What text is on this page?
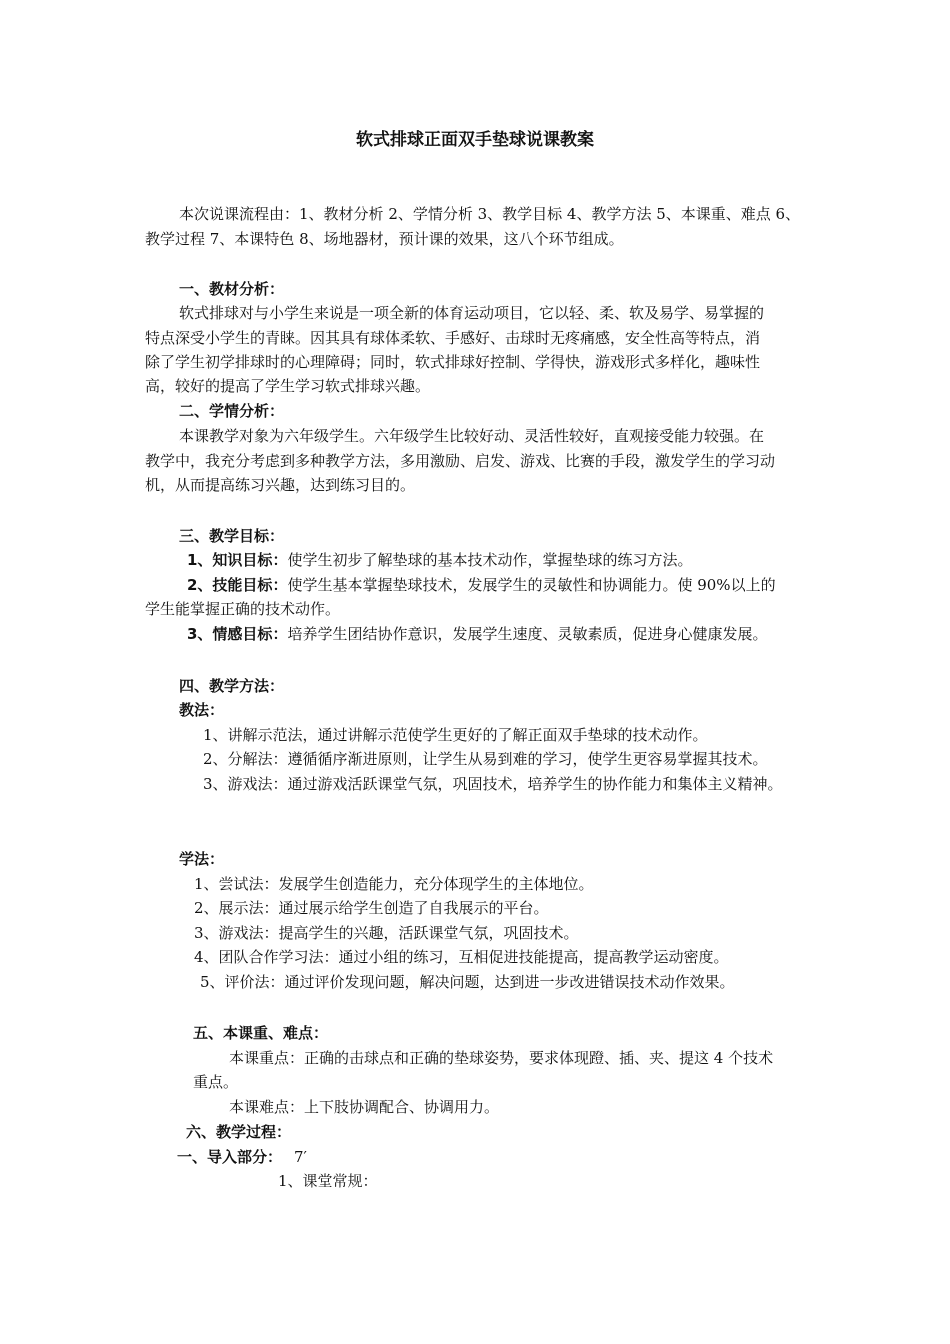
软式排球正面双手垫球说课教案
本次说课流程由：1、教材分析 2、学情分析 3、教学目标 4、教学方法 5、本课重、难点 6、
教学过程 7、本课特色 8、场地器材，预计课的效果，这八个环节组成。
一、教材分析：
软式排球对与小学生来说是一项全新的体育运动项目，它以轻、柔、软及易学、易掌握的
特点深受小学生的青睐。因其具有球体柔软、手感好、击球时无疼痛感，安全性高等特点，消
除了学生初学排球时的心理障碍；同时，软式排球好控制、学得快，游戏形式多样化，趣味性
高，较好的提高了学生学习软式排球兴趣。
二、学情分析：
本课教学对象为六年级学生。六年级学生比较好动、灵活性较好，直观接受能力较强。在
教学中，我充分考虑到多种教学方法，多用激励、启发、游戏、比赛的手段，激发学生的学习动
机，从而提高练习兴趣，达到练习目的。
三、教学目标：
1、知识目标：使学生初步了解垫球的基本技术动作，掌握垫球的练习方法。
2、技能目标：使学生基本掌握垫球技术，发展学生的灵敏性和协调能力。使 90%以上的
学生能掌握正确的技术动作。
3、情感目标：培养学生团结协作意识，发展学生速度、灵敏素质，促进身心健康发展。
四、教学方法：
教法：
1、讲解示范法，通过讲解示范使学生更好的了解正面双手垫球的技术动作。
2、分解法：遵循循序渐进原则，让学生从易到难的学习，使学生更容易掌握其技术。
3、游戏法：通过游戏活跃课堂气氛，巩固技术，培养学生的协作能力和集体主义精神。
学法：
1、尝试法：发展学生创造能力，充分体现学生的主体地位。
2、展示法：通过展示给学生创造了自我展示的平台。
3、游戏法：提高学生的兴趣，活跃课堂气氛，巩固技术。
4、团队合作学习法：通过小组的练习，互相促进技能提高，提高教学运动密度。
5、评价法：通过评价发现问题，解决问题，达到进一步改进错误技术动作效果。
五、本课重、难点：
本课重点：正确的击球点和正确的垫球姿势，要求体现蹬、插、夹、提这 4 个技术
重点。
本课难点：上下肢协调配合、协调用力。
六、教学过程：
一、导入部分： 7′
1、课堂常规：
